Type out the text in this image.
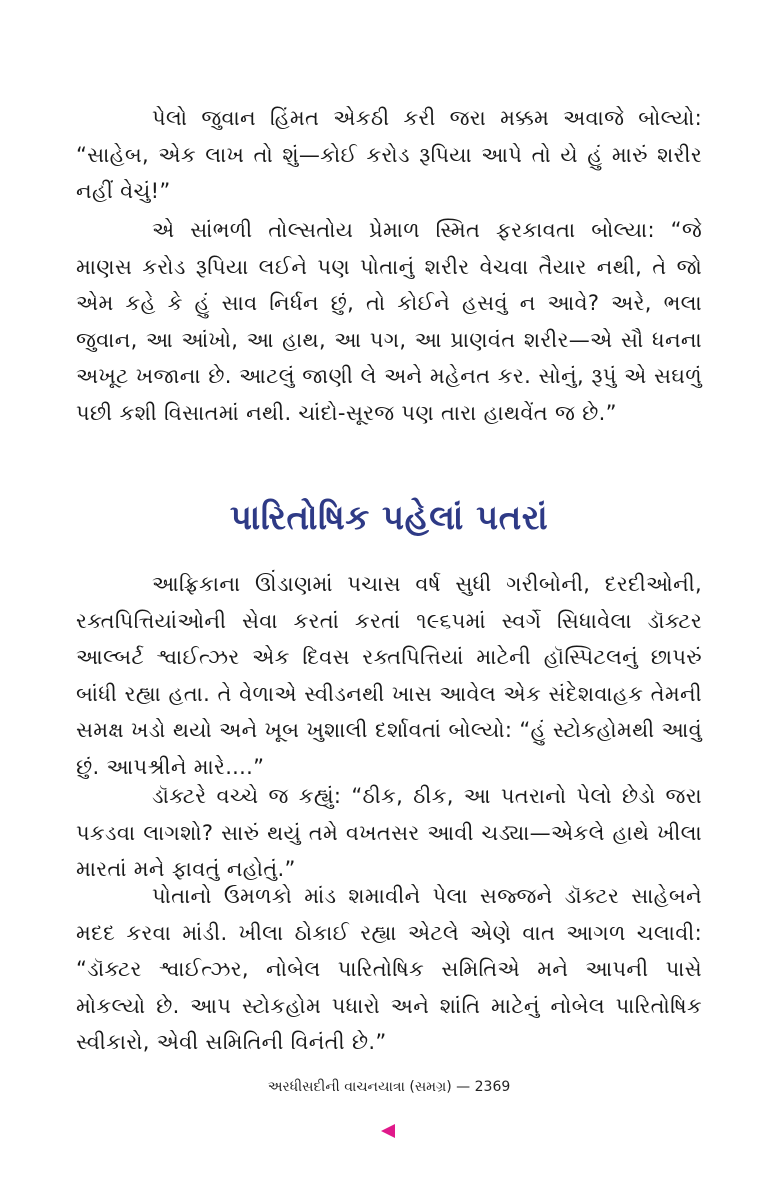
પેલો જુવાન હિંમત એકઠી કરી જરા મક્કમ અવાજે બોલ્યો: “સાહેબ, એક લાખ તો શું—કોઈ કરોડ રૂપિયા આપે તો યે હું મારું શરીર નહીં વેચું!”

એ સાંભળી તોલ્સતોય પ્રેમાળ સ્મિત ફરકાવતા બોલ્યા: “જે માણસ કરોડ રૂપિયા લઈને પણ પોતાનું શરીર વેચવા તૈયાર નથી, તે જો એમ કહે કે હું સાવ નિર્ધન છું, તો કોઈને હસવું ન આવે? અરે, ભલા જુવાન, આ આંખો, આ હાથ, આ પગ, આ પ્રાણવંત શરીર—એ સૌ ધનના અખૂટ ખજાના છે. આટલું જાણી લે અને મહેનત કર. સોનું, રૂપું એ સઘળું પછી કશી વિસાતમાં નથી. ચાંદો-સૂરજ પણ તારા હાથવેંત જ છે.”

પારિતોષિક પહેલાં પતરાં

આફ્રિકાના ઊંડાણમાં પચાસ વર્ષ સુધી ગરીબોની, દરદીઓની, રક્તપિત્તિયાંઓની સેવા કરતાં કરતાં ૧૯૬૫માં સ્વર્ગે સિધાવેલા ડૉક્ટર આલ્બર્ટ શ્વાઈત્ઝર એક દિવસ રક્તપિત્તિયાં માટેની હૉસ્પિટલનું છાપરું બાંધી રહ્યા હતા. તે વેળાએ સ્વીડનથી ખાસ આવેલ એક સંદેશવાહક તેમની સમક્ષ ખડો થયો અને ખૂબ ખુશાલી દર્શાવતાં બોલ્યો: “હું સ્ટોકહોમથી આવું છું. આપશ્રીને મારે....”

ડૉક્ટરે વચ્ચે જ કહ્યું: “ઠીક, ઠીક, આ પતરાનો પેલો છેડો જરા પકડવા લાગશો? સારું થયું તમે વખતસર આવી ચડ્યા—એકલે હાથે ખીલા મારતાં મને ફાવતું નહોતું.”

પોતાનો ઉમળકો માંડ શમાવીને પેલા સજ્જને ડૉક્ટર સાહેબને મદદ કરવા માંડી. ખીલા ઠોકાઈ રહ્યા એટલે એણે વાત આગળ ચલાવી: “ડૉક્ટર શ્વાઈત્ઝર, નોબેલ પારિતોષિક સમિતિએ મને આપની પાસે મોકલ્યો છે. આપ સ્ટોકહોમ પધારો અને શાંતિ માટેનું નોબેલ પારિતોષિક સ્વીકારો, એવી સમિતિની વિનંતી છે.”

અરધીસદીની વાચનયાત્રા (સમગ્ર) — 2369
